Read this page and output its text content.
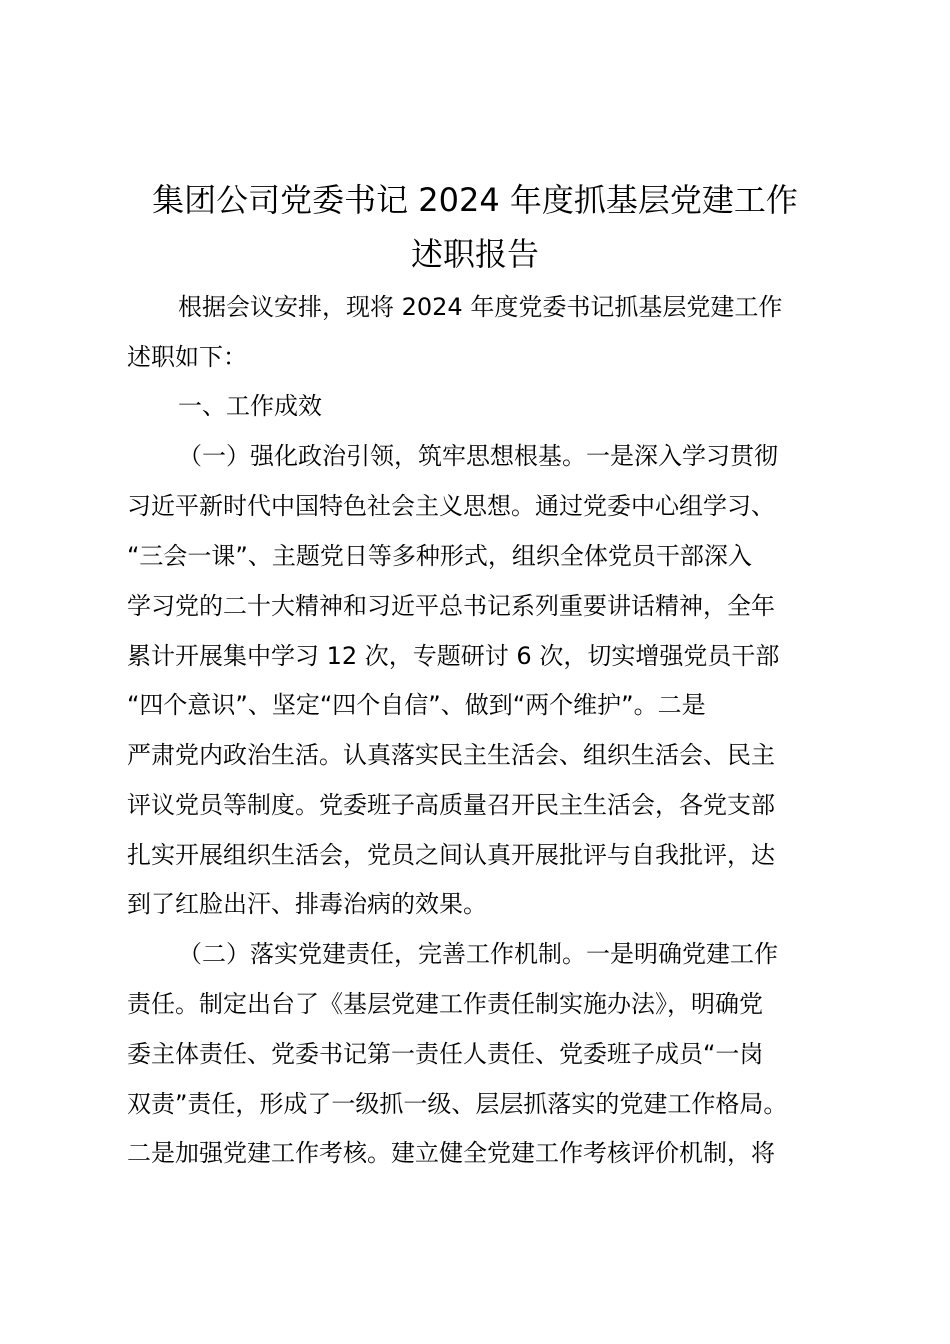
集团公司党委书记 2024 年度抓基层党建工作
述职报告
根据会议安排，现将 2024 年度党委书记抓基层党建工作
述职如下：
一、工作成效
（一）强化政治引领，筑牢思想根基。一是深入学习贯彻
习近平新时代中国特色社会主义思想。通过党委中心组学习、
“三会一课”、主题党日等多种形式，组织全体党员干部深入
学习党的二十大精神和习近平总书记系列重要讲话精神，全年
累计开展集中学习 12 次，专题研讨 6 次，切实增强党员干部
“四个意识”、坚定“四个自信”、做到“两个维护”。二是
严肃党内政治生活。认真落实民主生活会、组织生活会、民主
评议党员等制度。党委班子高质量召开民主生活会，各党支部
扎实开展组织生活会，党员之间认真开展批评与自我批评，达
到了红脸出汗、排毒治病的效果。
（二）落实党建责任，完善工作机制。一是明确党建工作
责任。制定出台了《基层党建工作责任制实施办法》，明确党
委主体责任、党委书记第一责任人责任、党委班子成员“一岗
双责”责任，形成了一级抓一级、层层抓落实的党建工作格局。
二是加强党建工作考核。建立健全党建工作考核评价机制，将
